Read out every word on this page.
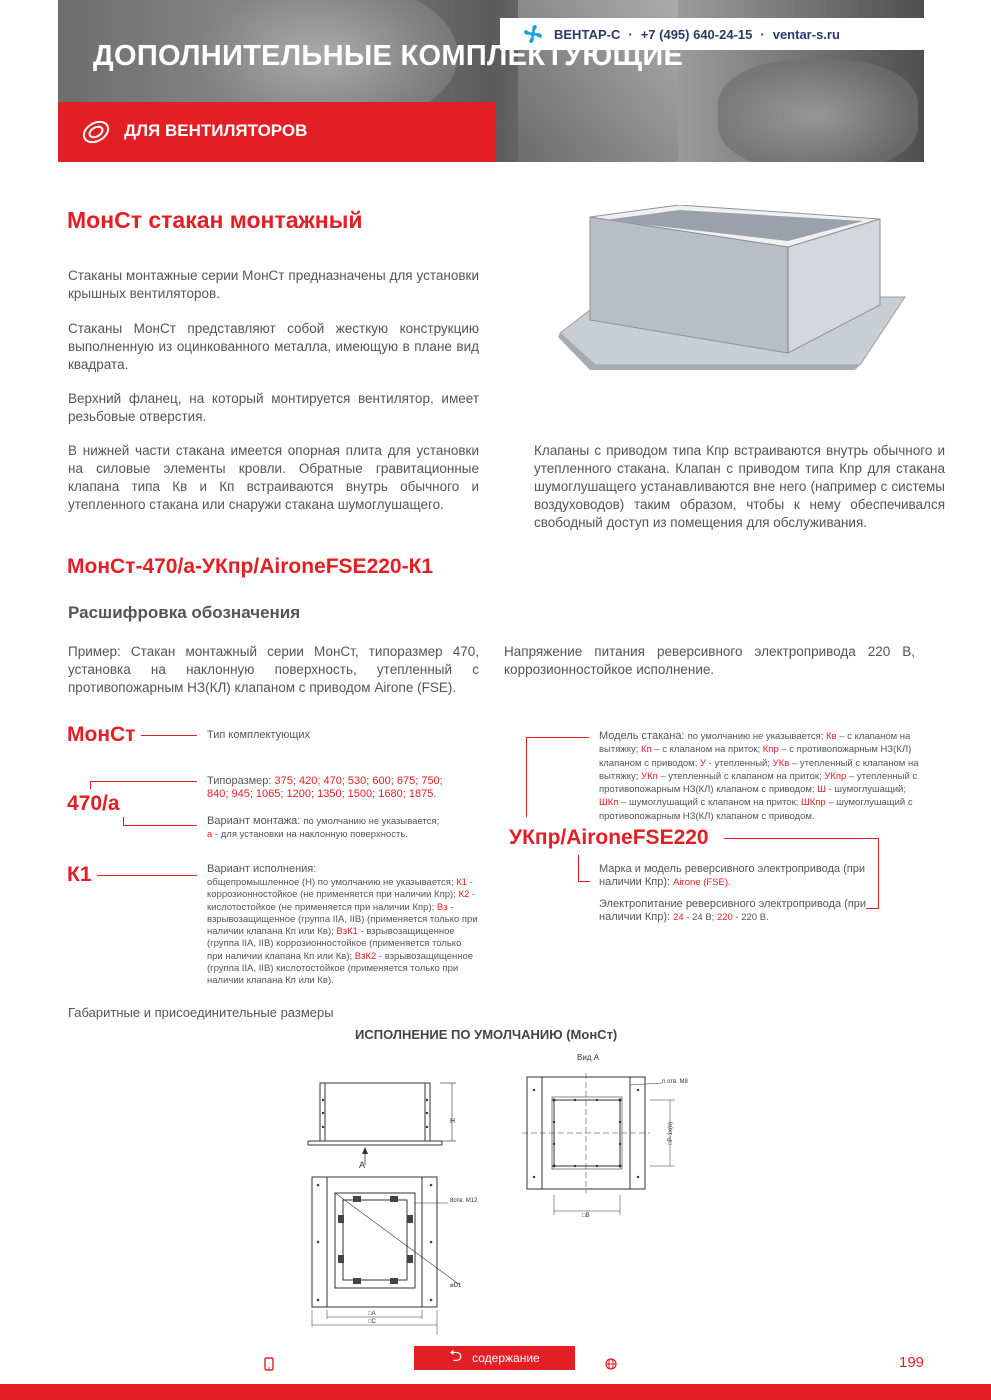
ВЕНТАР-С · +7 (495) 640-24-15 · ventar-s.ru
ДОПОЛНИТЕЛЬНЫЕ КОМПЛЕКТУЮЩИЕ
ДЛЯ ВЕНТИЛЯТОРОВ
МонСт стакан монтажный
Стаканы монтажные серии МонСт предназначены для установки крышных вентиляторов.
Стаканы МонСт представляют собой жесткую конструкцию выполненную из оцинкованного металла, имеющую в плане вид квадрата.
Верхний фланец, на который монтируется вентилятор, имеет резьбовые отверстия.
В нижней части стакана имеется опорная плита для установки на силовые элементы кровли. Обратные гравитационные клапана типа Кв и Кп встраиваются внутрь обычного и утепленного стакана или снаружи стакана шумоглушащего.
Клапаны с приводом типа Кпр встраиваются внутрь обычного и утепленного стакана. Клапан с приводом типа Кпр для стакана шумоглушащего устанавливаются вне него (например с системы воздуховодов) таким образом, чтобы к нему обеспечивался свободный доступ из помещения для обслуживания.
МонСт-470/а-УКпр/AironeFSE220-К1
Расшифровка обозначения
Пример: Стакан монтажный серии МонСт, типоразмер 470, установка на наклонную поверхность, утепленный с противопожарным НЗ(КЛ) клапаном с приводом Airone (FSE).
Напряжение питания реверсивного электропривода 220 В, коррозионностойкое исполнение.
МонСт	Тип комплектующих
470/а
Типоразмер: 375; 420; 470; 530; 600; 675; 750; 840; 945; 1065; 1200; 1350; 1500; 1680; 1875.
Вариант монтажа: по умолчанию не указывается;
а - для установки на наклонную поверхность.
К1	Вариант исполнения:
общепромышленное (Н) по умолчанию не указывается; К1 - коррозионностойкое (не применяется при наличии Кпр); К2 - кислотостойкое (не применяется при наличии Кпр); Вз - взрывозащищенное (группа IIA, IIB) (применяется только при наличии клапана Кп или Кв); ВзК1 - взрывозащищенное (группа IIA, IIB) коррозионностойкое (применяется только при наличии клапана Кп или Кв); ВзК2 - взрывозащищенное (группа IIA, IIB) кислотостойкое (применяется только при наличии клапана Кп или Кв).
Модель стакана: по умолчанию не указывается; Кв – с клапаном на вытяжку; Кп – с клапаном на приток; Кпр – с противопожарным НЗ(КЛ) клапаном с приводом; У - утепленный; УКв – утепленный с клапаном на вытяжку; УКп – утепленный с клапаном на приток; УКпр – утепленный с противопожарным НЗ(КЛ) клапаном с приводом; Ш - шумоглушащий; ШКп – шумоглушащий с клапаном на приток; ШКпр – шумоглушащий с противопожарным НЗ(КЛ) клапаном с приводом.
УКпр/AironeFSE220
Марка и модель реверсивного электропривода (при наличии Кпр): Airone (FSE).
Электропитание реверсивного электропривода (при наличии Кпр): 24 - 24 В; 220 - 220 В.
Габаритные и присоединительные размеры
ИСПОЛНЕНИЕ ПО УМОЛЧАНИЮ (МонСт)
H
А
Вид А
n отв. М8
□P-1х(n)
□B
8отв. М12
⌀D1
□A
□C
⮌ содержание	199
